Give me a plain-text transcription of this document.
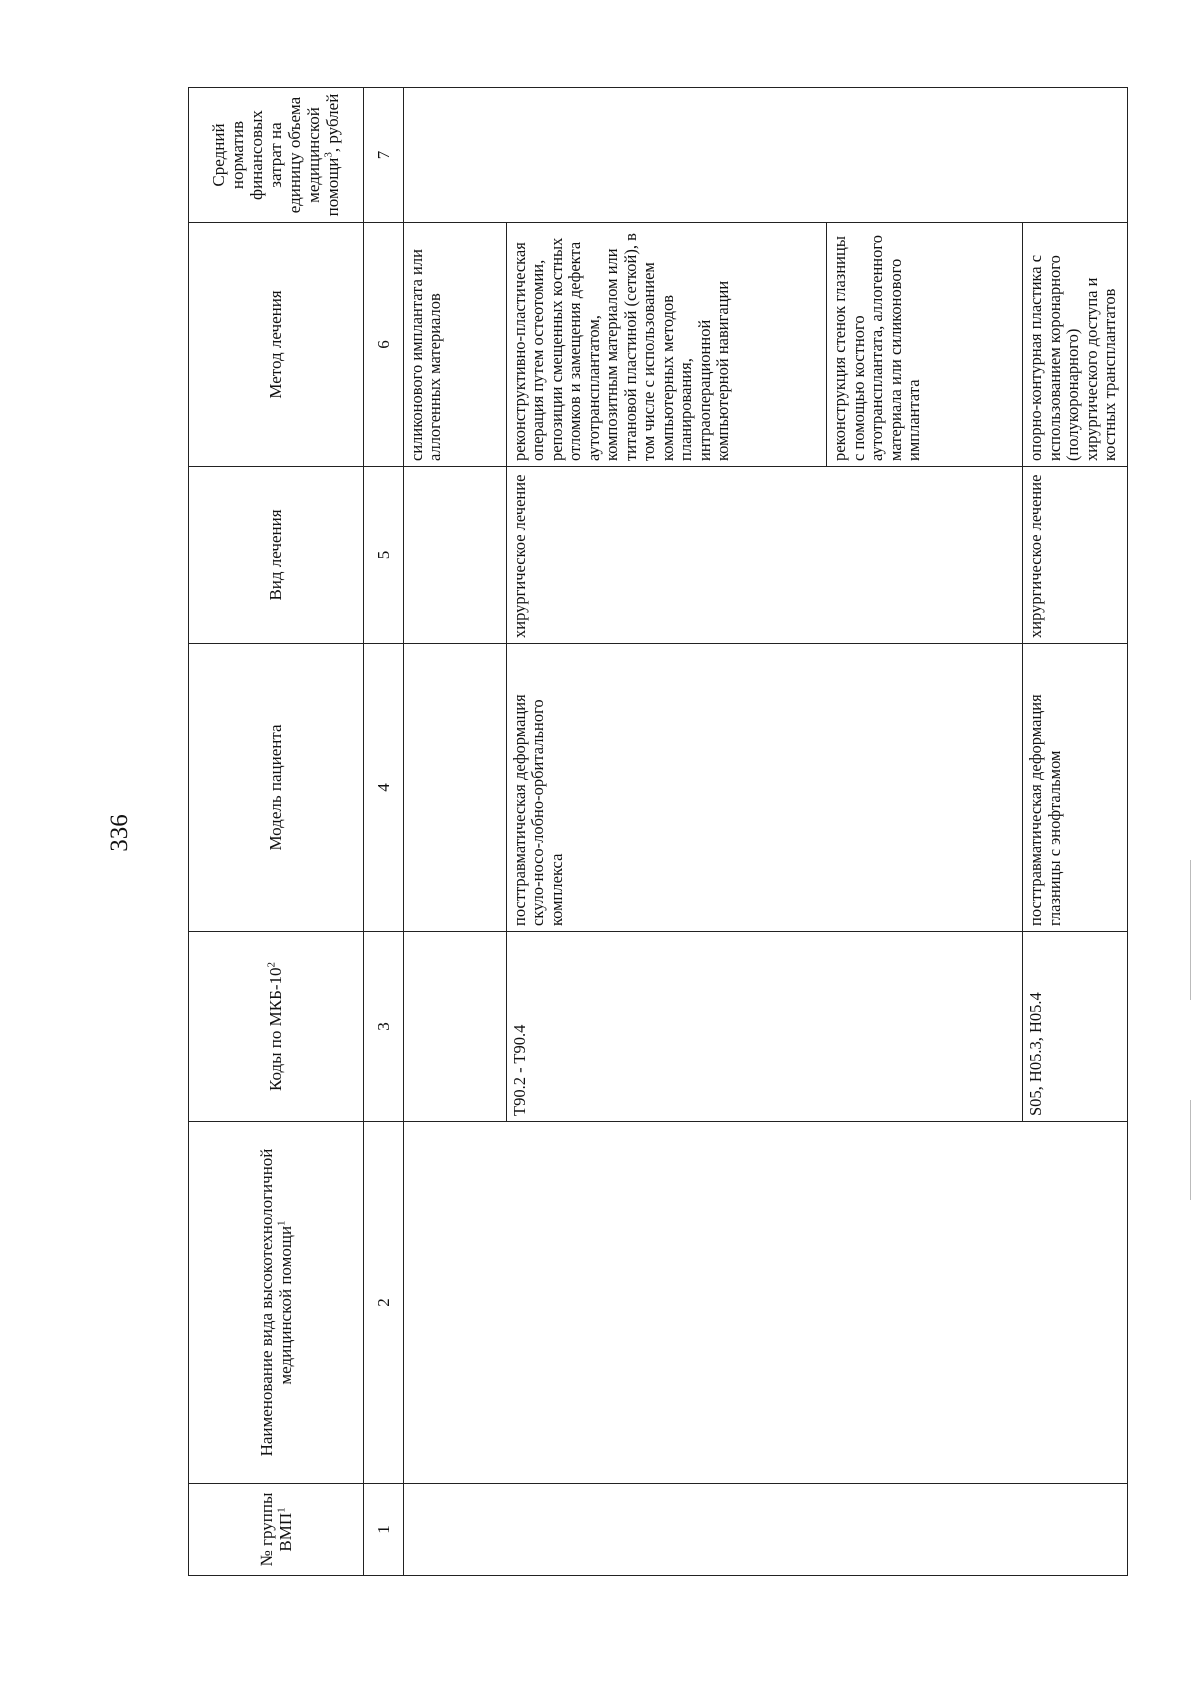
336
№ группы ВМП$^1$	Наименование вида высокотехнологичной медицинской помощи$^1$	Коды по МКБ-$10^2$	Модель пациента	Вид лечения	Метод лечения	Средний норматив финансовых затрат на единицу объема медицинской помощи$^3$, рублей
1	2	3	4	5	6	7
					силиконового имплантата или аллогенных материалов	
		T90.2 - T90.4	посттравматическая деформация скуло-носо-лобно-орбитального комплекса	хирургическое лечение	реконструктивно-пластическая операция путем остеотомии, репозиции смещенных костных отломков и замещения дефекта аутотрансплантатом, композитным материалом или титановой пластиной (сеткой), в том числе с использованием компьютерных методов планирования, интраоперационной компьютерной навигации	
					реконструкция стенок глазницы с помощью костного аутотрансплантата, аллогенного материала или силиконового имплантата	
		S05, H05.3, H05.4	посттравматическая деформация глазницы с энофтальмом	хирургическое лечение	опорно-контурная пластика с использованием коронарного (полукоронарного) хирургического доступа и костных трансплантатов	
